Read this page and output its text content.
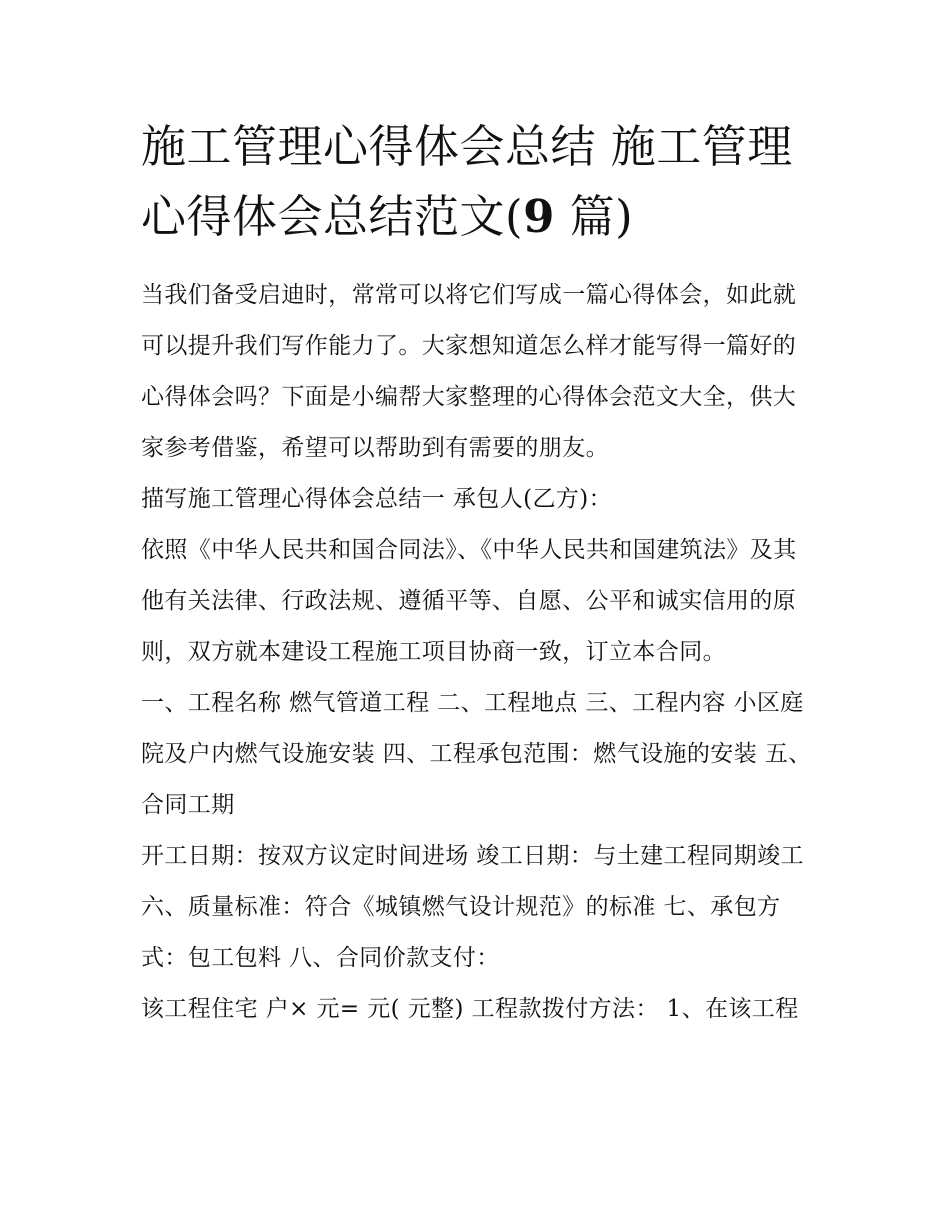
施工管理心得体会总结 施工管理心得体会总结范文(9 篇)

当我们备受启迪时，常常可以将它们写成一篇心得体会，如此就可以提升我们写作能力了。大家想知道怎么样才能写得一篇好的心得体会吗？下面是小编帮大家整理的心得体会范文大全，供大家参考借鉴，希望可以帮助到有需要的朋友。

描写施工管理心得体会总结一 承包人(乙方)：

依照《中华人民共和国合同法》、《中华人民共和国建筑法》及其他有关法律、行政法规、遵循平等、自愿、公平和诚实信用的原则，双方就本建设工程施工项目协商一致，订立本合同。

一、工程名称 燃气管道工程 二、工程地点 三、工程内容 小区庭院及户内燃气设施安装 四、工程承包范围：燃气设施的安装 五、合同工期

开工日期：按双方议定时间进场 竣工日期：与土建工程同期竣工 六、质量标准：符合《城镇燃气设计规范》的标准 七、承包方式：包工包料 八、合同价款支付：

该工程住宅 户× 元= 元( 元整) 工程款拨付方法： 1、在该工程
